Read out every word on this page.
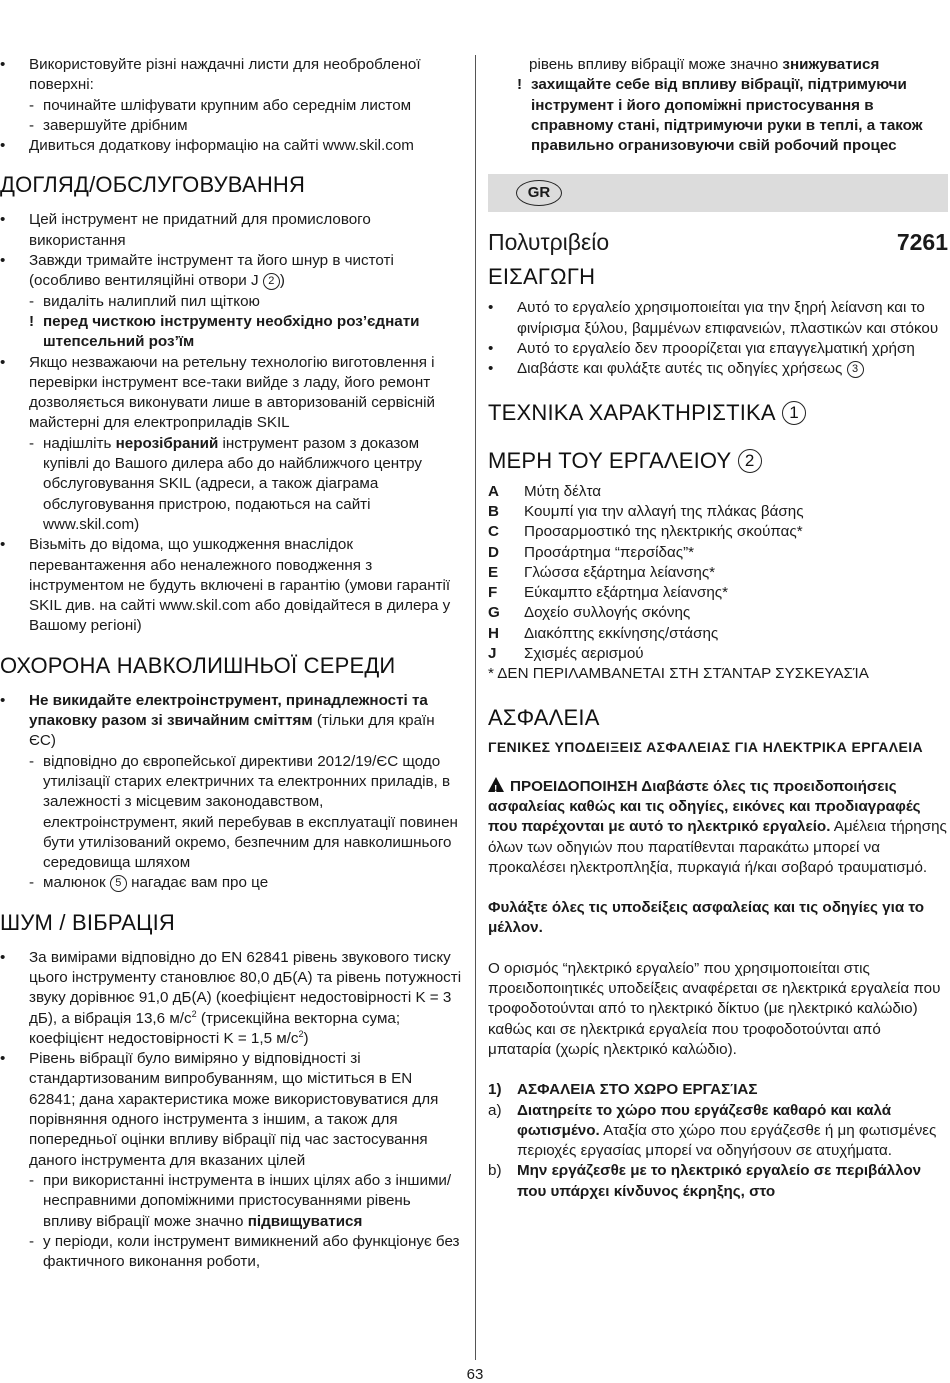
•	Використовуйте різні наждачні листи для необробленої поверхні:
- починайте шліфувати крупним або середнім листом
- завершуйте дрібним
•	Дивиться додаткову інформацію на сайті www.skil.com
ДОГЛЯД/ОБСЛУГОВУВАННЯ
•	Цей інструмент не придатний для промислового використання
•	Завжди тримайте інструмент та його шнур в чистоті (особливо вентиляційні отвори J 2 )
- видаліть налиплий пил щіткою
! перед чисткою інструменту необхідно роз’єднати штепсельний роз’їм
•	Якщо незважаючи на ретельну технологію виготовлення і перевірки інструмент все-таки вийде з ладу, його ремонт дозволяється виконувати лише в авторизованій сервісній майстерні для електроприладів SKIL
- надішліть нерозібраний інструмент разом з доказом купівлі до Вашого дилера або до найближчого центру обслуговування SKIL (адреси, а також діаграма обслуговування пристрою, подаються на сайті www.skil.com)
•	Візьміть до відома, що ушкодження внаслідок перевантаження або неналежного поводження з інструментом не будуть включені в гарантію (умови гарантії SKIL див. на сайті www.skil.com або довідайтеся в дилера у Вашому регіоні)
ОХОРОНА НАВКОЛИШНЬОЇ СЕРЕДИ
•	Не викидайте електроінструмент, принадлежності та упаковку разом зі звичайним сміттям (тільки для країн ЄС)
- відповідно до європейської директиви 2012/19/ЄС щодо утилізації старих електричних та електронних приладів, в залежності з місцевим законодавством, електроінструмент, який перебував в експлуатації повинен бути утилізований окремо, безпечним для навколишнього середовища шляхом
- малюнок 5 нагадає вам про це
ШУМ / ВІБРАЦІЯ
•	За вимірами відповідно до EN 62841 рівень звукового тиску цього інструменту становлює 80,0 дБ(A) та рівень потужності звуку дорівнює 91,0 дБ(A) (коефіцієнт недостовірності K = 3 дБ), а вібрація 13,6 $м/с^2$ (трисекційна векторна сума; коефіцієнт недостовірності K = 1,5 $м/с^2$)
•	Рівень вібрації було виміряно у відповідності зі стандартизованим випробуванням, що міститься в EN 62841; дана характеристика може використовуватися для порівняння одного інструмента з іншим, а також для попередньої оцінки впливу вібрації під час застосування даного інструмента для вказаних цілей
- при використанні інструмента в інших цілях або з іншими/несправними допоміжними пристосуваннями рівень впливу вібрації може значно підвищуватися
- у періоди, коли інструмент вимикнений або функціонує без фактичного виконання роботи,
рівень впливу вібрації може значно знижуватися
! захищайте себе від впливу вібрації, підтримуючи інструмент і його допоміжні пристосування в справному стані, підтримуючи руки в теплі, а також правильно огранизовуючи свій робочий процес
GR
Πολυτριβείο	7261
ΕΙΣΑΓΩΓΗ
•	Αυτό το εργαλείο χρησιμοποιείται για την ξηρή λείανση και το φινίρισμα ξύλου, βαμμένων επιφανειών, πλαστικών και στόκου
•	Αυτό το εργαλείο δεν προορίζεται για επαγγελματική χρήση
•	Διαβάστε και φυλάξτε αυτές τις οδηγίες χρήσεως 3
ΤΕΧΝΙΚΑ ΧΑΡΑΚΤΗΡΙΣΤΙΚΑ 1
ΜΕΡΗ ΤΟΥ ΕΡΓΑΛΕΙΟΥ 2
A	Μύτη δέλτα
B	Κουμπί για την αλλαγή της πλάκας βάσης
C	Προσαρμοστικό της ηλεκτρικής σκούπας*
D	Προσάρτημα “περσίδας”*
E	Γλώσσα εξάρτημα λείανσης*
F	Εύκαμπτο εξάρτημα λείανσης*
G	Δοχείο συλλογής σκόνης
H	Διακόπτης εκκίνησης/στάσης
J	Σχισμές αερισμού

* ΔΕΝ ΠΕΡΙΛΑΜΒΑΝΕΤΑΙ ΣΤΗ ΣΤΆΝΤΑΡ ΣΥΣΚΕΥΑΣΊΑ

ΑΣΦΑΛΕΙΑ
ΓΕΝΙΚΕΣ ΥΠΟΔΕΙΞΕΙΣ ΑΣΦΑΛΕΙΑΣ ΓΙΑ ΗΛΕΚΤΡΙΚΑ ΕΡΓΑΛΕΙΑ

! ΠΡΟΕΙΔΟΠΟΙΗΣΗ Διαβάστε όλες τις προειδοποιήσεις ασφαλείας καθώς και τις οδηγίες, εικόνες και προδιαγραφές που παρέχονται με αυτό το ηλεκτρικό εργαλείο. Αμέλεια τήρησης όλων των οδηγιών που παρατίθενται παρακάτω μπορεί να προκαλέσει ηλεκτροπληξία, πυρκαγιά ή/και σοβαρό τραυματισμό.

Φυλάξτε όλες τις υποδείξεις ασφαλείας και τις οδηγίες για το μέλλον.

Ο ορισμός “ηλεκτρικό εργαλείο” που χρησιμοποιείται στις προειδοποιητικές υποδείξεις αναφέρεται σε ηλεκτρικά εργαλεία που τροφοδοτούνται από το ηλεκτρικό δίκτυο (με ηλεκτρικό καλώδιο) καθώς και σε ηλεκτρικά εργαλεία που τροφοδοτούνται από μπαταρία (χωρίς ηλεκτρικό καλώδιο).

1)	ΑΣΦΑΛΕΙΑ ΣΤΟ ΧΩΡΟ ΕΡΓΑΣΊΑΣ
a)	Διατηρείτε το χώρο που εργάζεσθε καθαρό και καλά φωτισμένο. Αταξία στο χώρο που εργάζεσθε ή μη φωτισμένες περιοχές εργασίας μπορεί να οδηγήσουν σε ατυχήματα.
b)	Μην εργάζεσθε με το ηλεκτρικό εργαλείο σε περιβάλλον που υπάρχει κίνδυνος έκρηξης, στο
63
